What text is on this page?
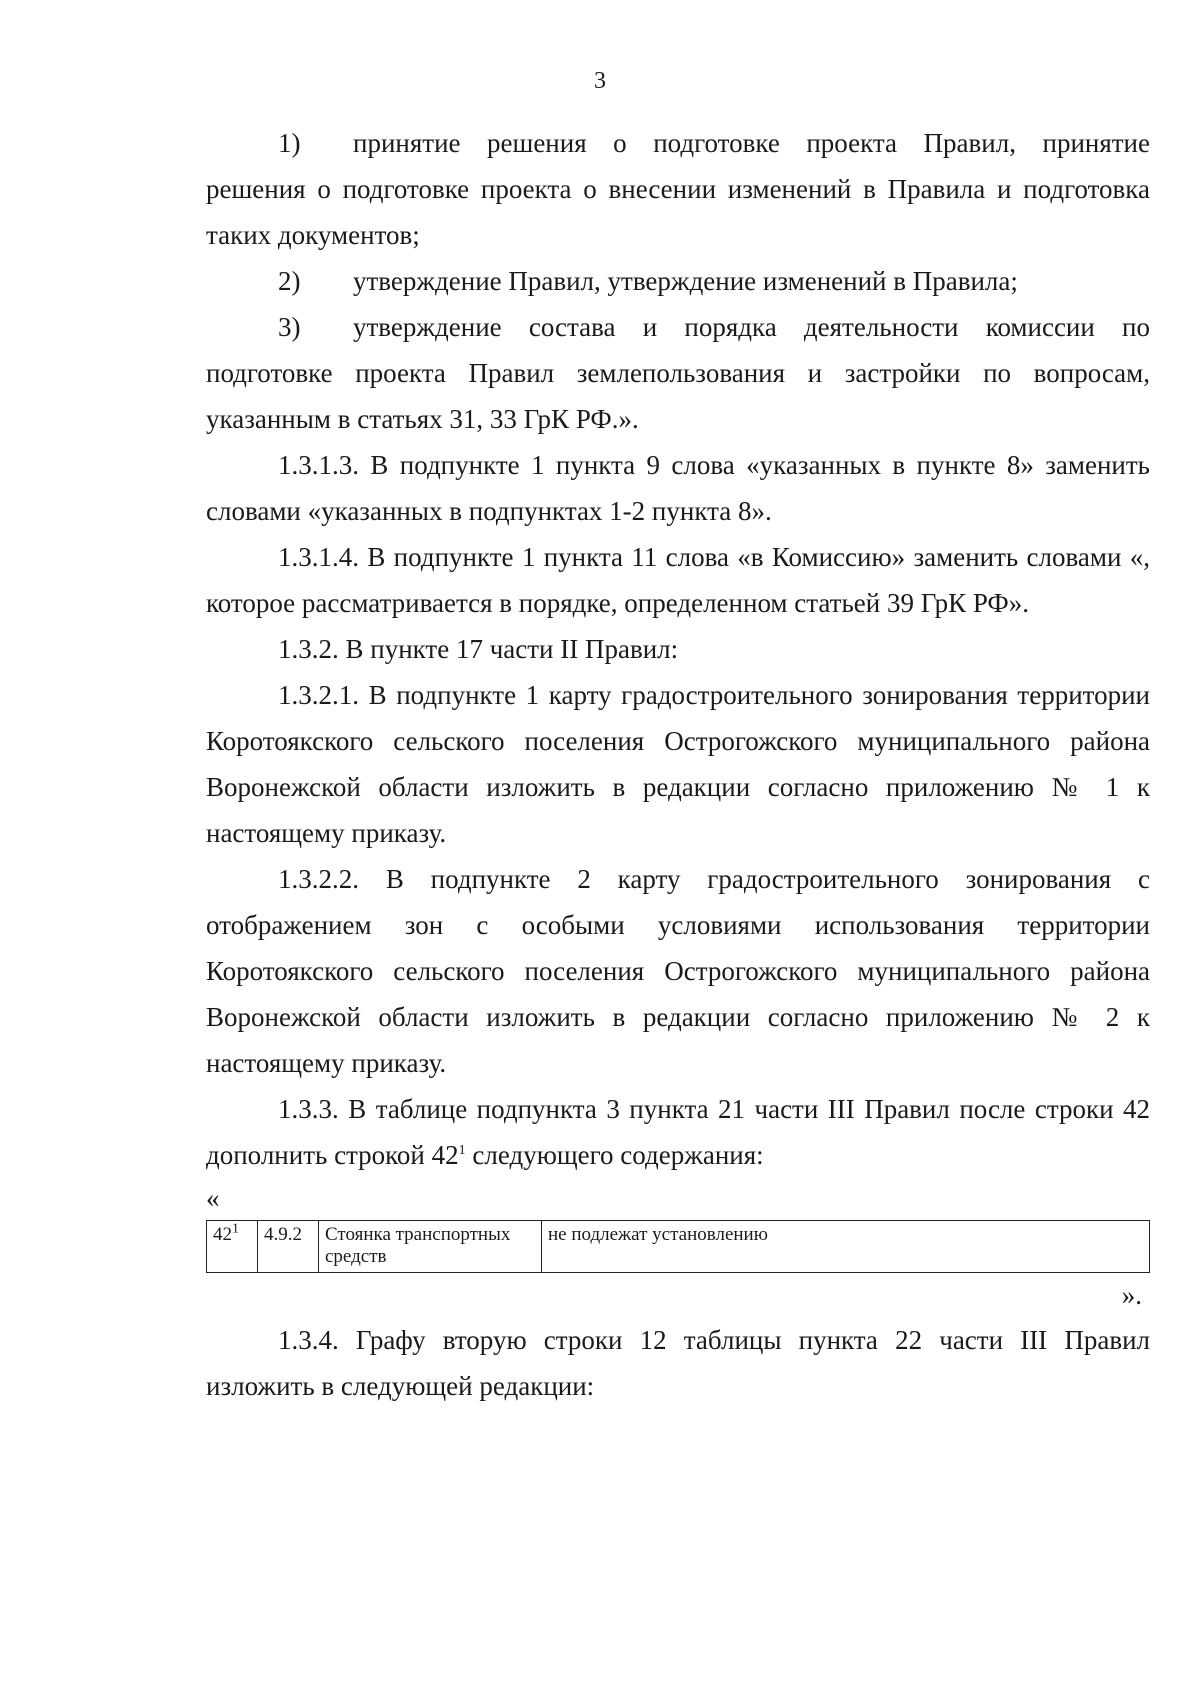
3

1)	принятие решения о подготовке проекта Правил, принятие

решения о подготовке проекта о внесении изменений в Правила и подготовка таких документов;

2)	утверждение Правил, утверждение изменений в Правила;

3)	утверждение состава и порядка деятельности комиссии по

подготовке проекта Правил землепользования и застройки по вопросам, указанным в статьях 31, 33 ГрК РФ.».

1.3.1.3. В подпункте 1 пункта 9 слова «указанных в пункте 8» заменить словами «указанных в подпунктах 1-2 пункта 8».

1.3.1.4. В подпункте 1 пункта 11 слова «в Комиссию» заменить словами «, которое рассматривается в порядке, определенном статьей 39 ГрК РФ».

1.3.2. В пункте 17 части II Правил:

1.3.2.1. В подпункте 1 карту градостроительного зонирования территории Коротоякского сельского поселения Острогожского муниципального района Воронежской области изложить в редакции согласно приложению № 1 к настоящему приказу.

1.3.2.2. В подпункте 2 карту градостроительного зонирования с отображением зон с особыми условиями использования территории Коротоякского сельского поселения Острогожского муниципального района Воронежской области изложить в редакции согласно приложению № 2 к настоящему приказу.

1.3.3. В таблице подпункта 3 пункта 21 части III Правил после строки 42 дополнить строкой $42^1$ следующего содержания:

«

$42^1$	4.9.2	Стоянка транспортных средств	не подлежат установлению

».

1.3.4. Графу вторую строки 12 таблицы пункта 22 части III Правил изложить в следующей редакции:
